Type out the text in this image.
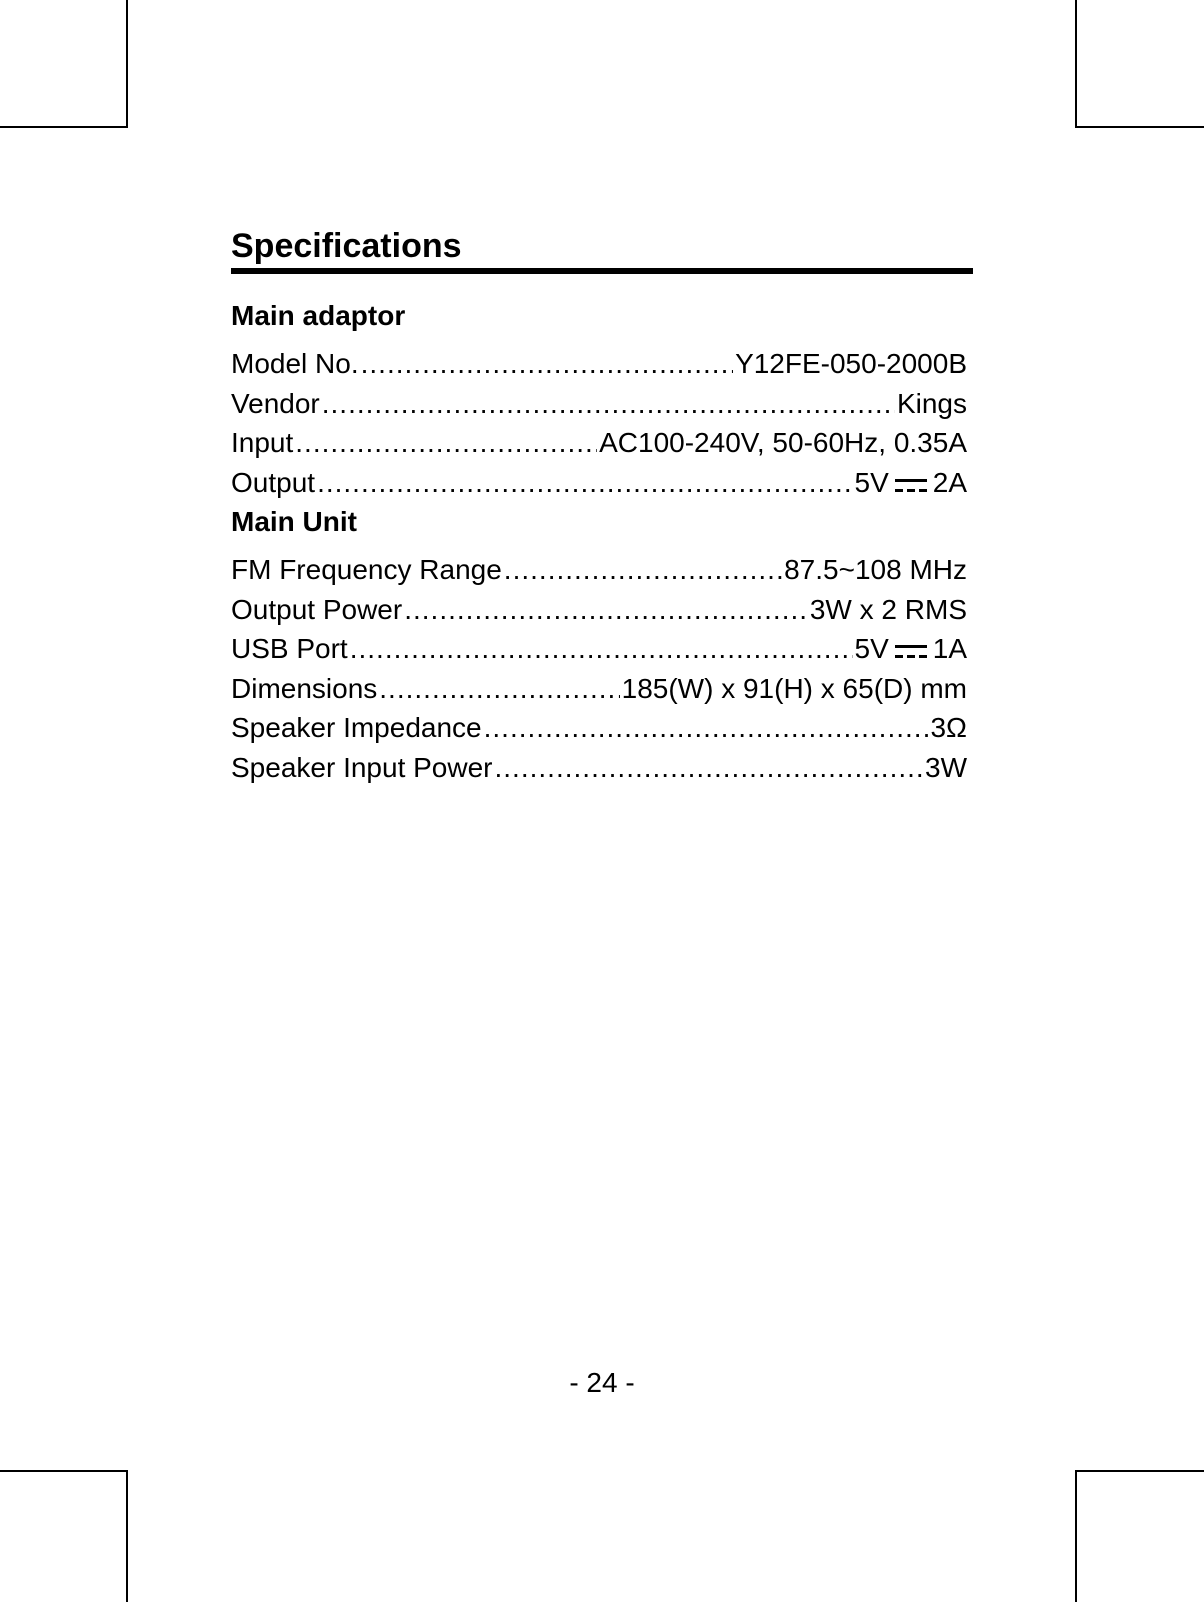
Specifications
Main adaptor
Model No. .....	Y12FE-050-2000B
Vendor .....	Kings
Input .....	AC100-240V, 50-60Hz, 0.35A
Output .....	5V 2A
Main Unit
FM Frequency Range .....	87.5~108 MHz
Output Power .....	3W x 2 RMS
USB Port .....	5V 1A
Dimensions .....	185(W) x 91(H) x 65(D) mm
Speaker Impedance .....	3Ω
Speaker Input Power .....	3W
- 24 -
